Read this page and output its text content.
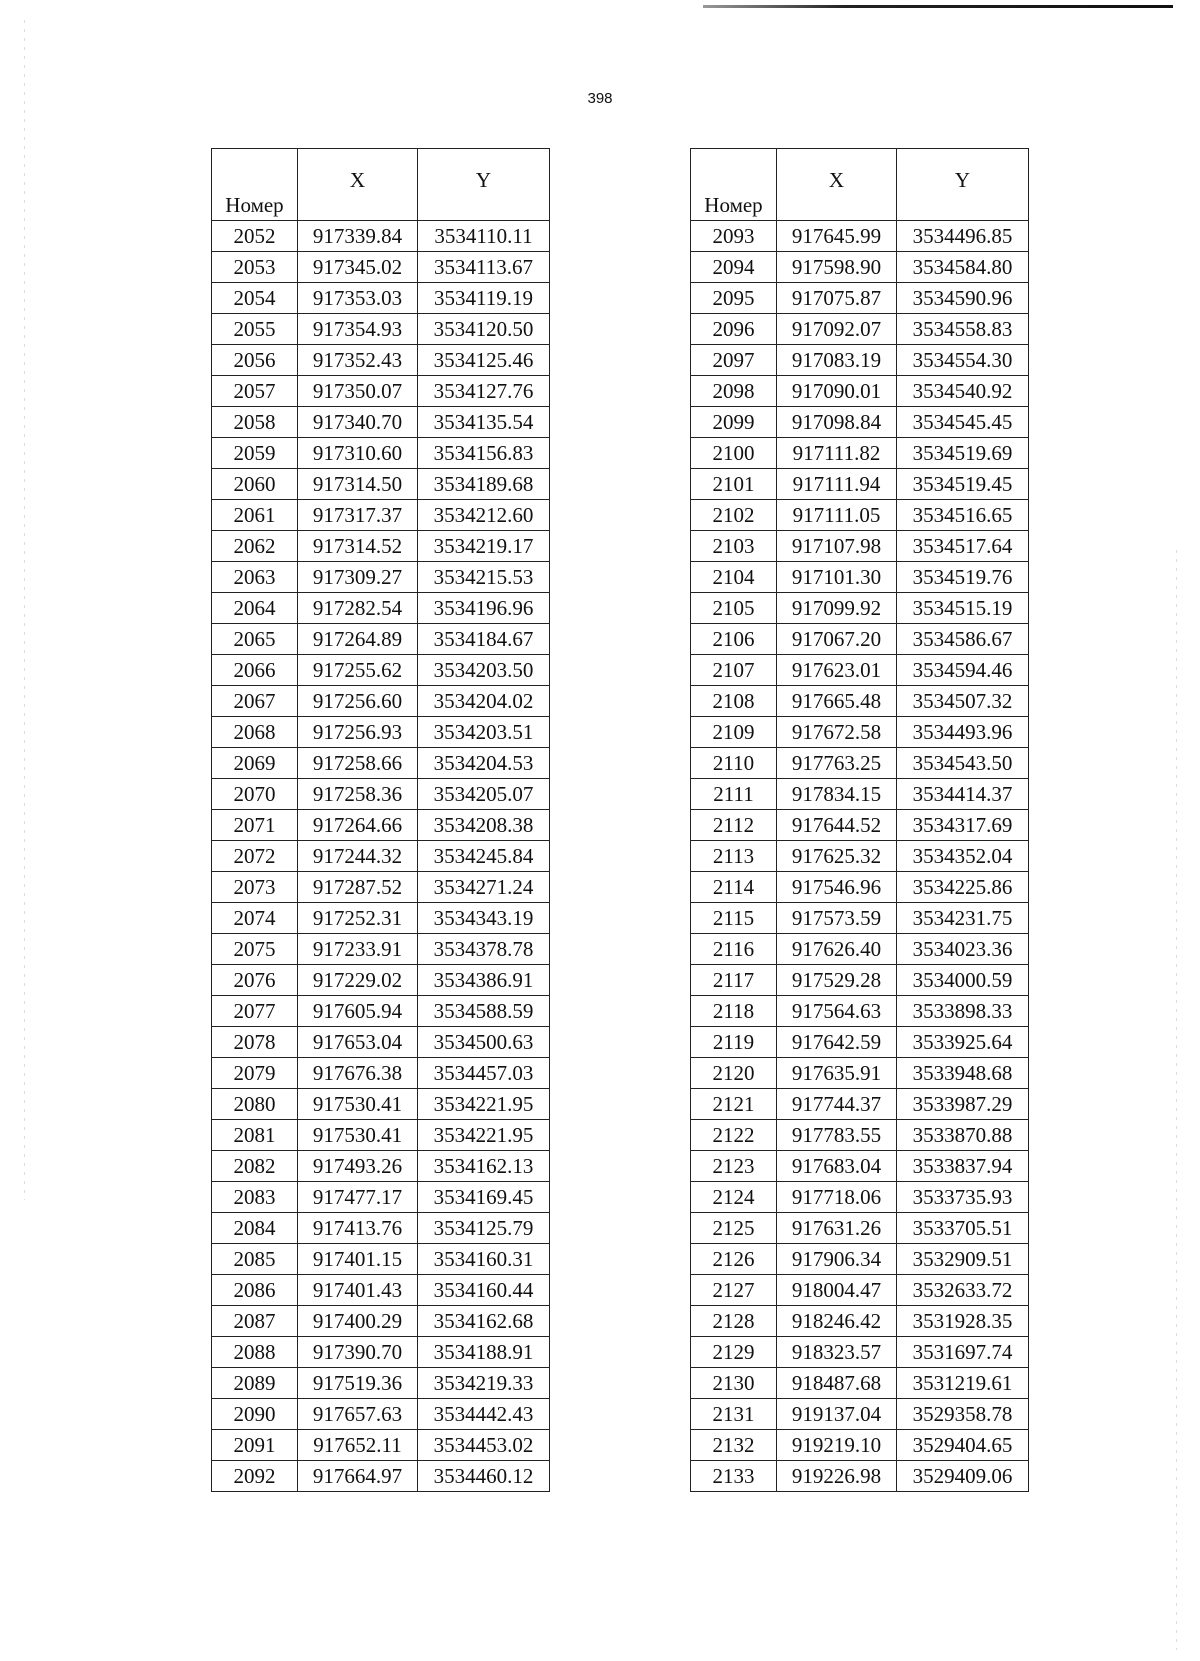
398
Номер	X	Y
2052	917339.84	3534110.11
2053	917345.02	3534113.67
2054	917353.03	3534119.19
2055	917354.93	3534120.50
2056	917352.43	3534125.46
2057	917350.07	3534127.76
2058	917340.70	3534135.54
2059	917310.60	3534156.83
2060	917314.50	3534189.68
2061	917317.37	3534212.60
2062	917314.52	3534219.17
2063	917309.27	3534215.53
2064	917282.54	3534196.96
2065	917264.89	3534184.67
2066	917255.62	3534203.50
2067	917256.60	3534204.02
2068	917256.93	3534203.51
2069	917258.66	3534204.53
2070	917258.36	3534205.07
2071	917264.66	3534208.38
2072	917244.32	3534245.84
2073	917287.52	3534271.24
2074	917252.31	3534343.19
2075	917233.91	3534378.78
2076	917229.02	3534386.91
2077	917605.94	3534588.59
2078	917653.04	3534500.63
2079	917676.38	3534457.03
2080	917530.41	3534221.95
2081	917530.41	3534221.95
2082	917493.26	3534162.13
2083	917477.17	3534169.45
2084	917413.76	3534125.79
2085	917401.15	3534160.31
2086	917401.43	3534160.44
2087	917400.29	3534162.68
2088	917390.70	3534188.91
2089	917519.36	3534219.33
2090	917657.63	3534442.43
2091	917652.11	3534453.02
2092	917664.97	3534460.12
Номер	X	Y
2093	917645.99	3534496.85
2094	917598.90	3534584.80
2095	917075.87	3534590.96
2096	917092.07	3534558.83
2097	917083.19	3534554.30
2098	917090.01	3534540.92
2099	917098.84	3534545.45
2100	917111.82	3534519.69
2101	917111.94	3534519.45
2102	917111.05	3534516.65
2103	917107.98	3534517.64
2104	917101.30	3534519.76
2105	917099.92	3534515.19
2106	917067.20	3534586.67
2107	917623.01	3534594.46
2108	917665.48	3534507.32
2109	917672.58	3534493.96
2110	917763.25	3534543.50
2111	917834.15	3534414.37
2112	917644.52	3534317.69
2113	917625.32	3534352.04
2114	917546.96	3534225.86
2115	917573.59	3534231.75
2116	917626.40	3534023.36
2117	917529.28	3534000.59
2118	917564.63	3533898.33
2119	917642.59	3533925.64
2120	917635.91	3533948.68
2121	917744.37	3533987.29
2122	917783.55	3533870.88
2123	917683.04	3533837.94
2124	917718.06	3533735.93
2125	917631.26	3533705.51
2126	917906.34	3532909.51
2127	918004.47	3532633.72
2128	918246.42	3531928.35
2129	918323.57	3531697.74
2130	918487.68	3531219.61
2131	919137.04	3529358.78
2132	919219.10	3529404.65
2133	919226.98	3529409.06
